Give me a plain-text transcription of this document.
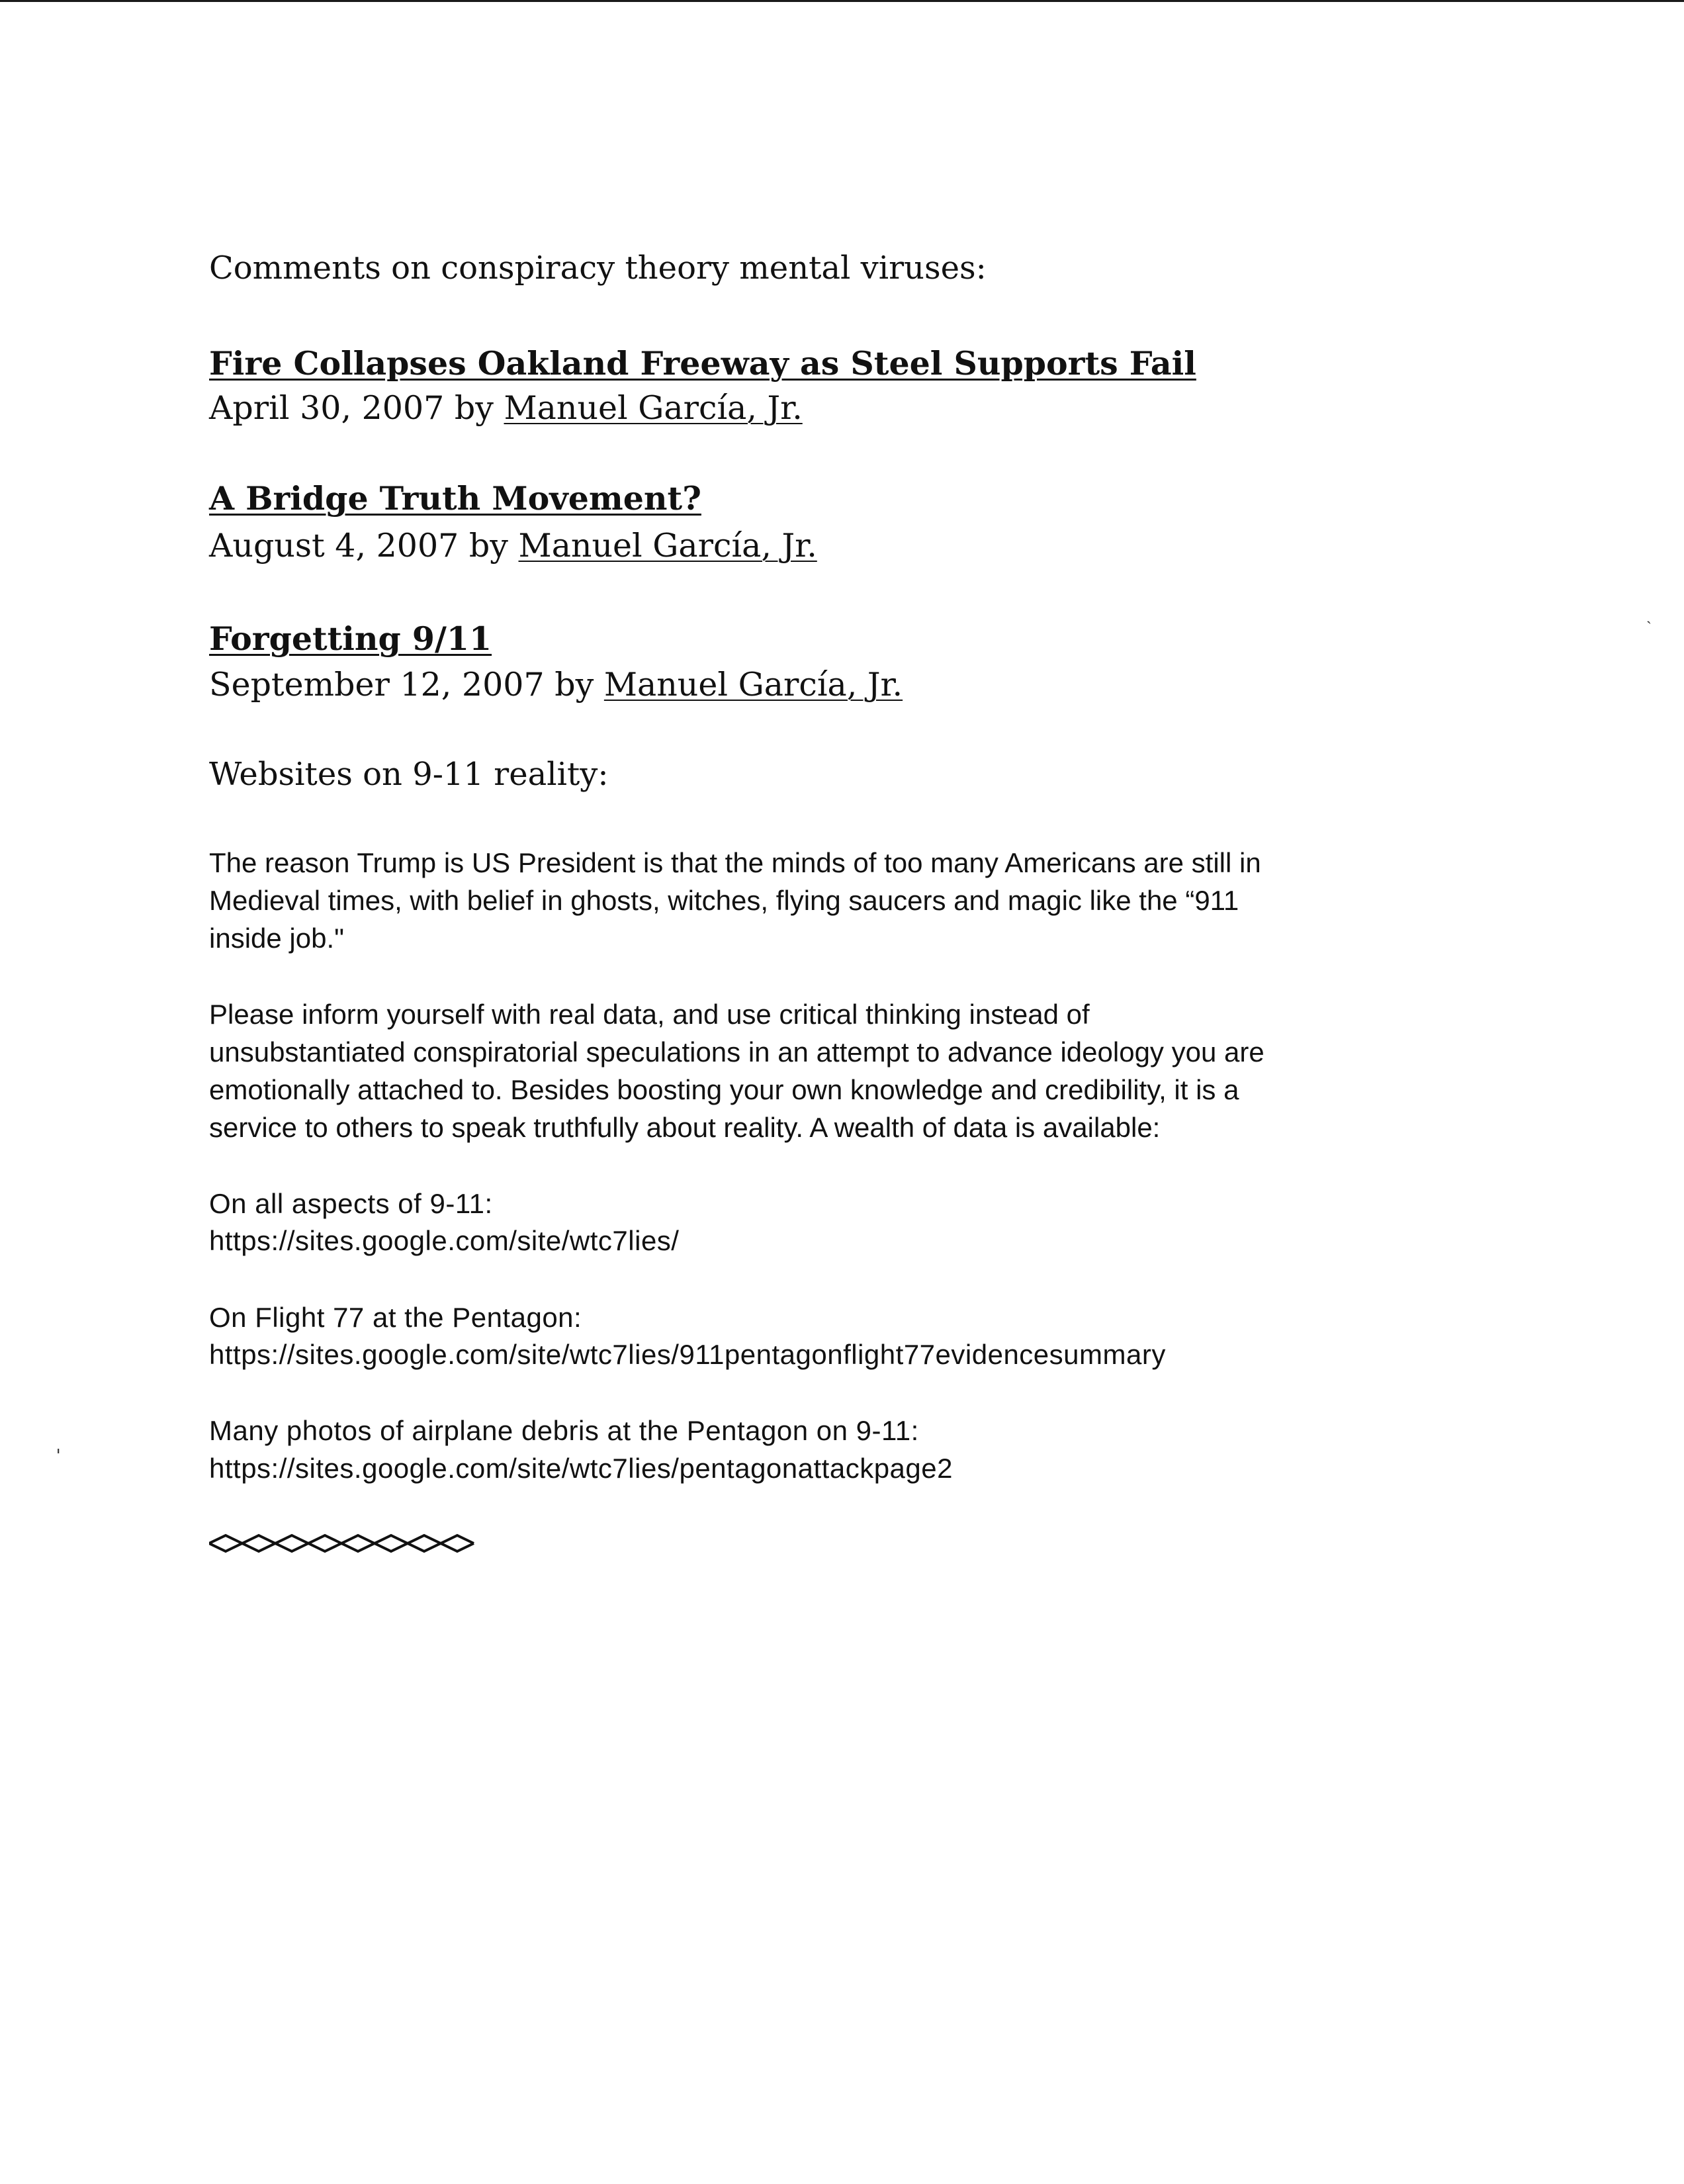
Comments on conspiracy theory mental viruses:
Fire Collapses Oakland Freeway as Steel Supports Fail
April 30, 2007 by Manuel García, Jr.
A Bridge Truth Movement?
August 4, 2007 by Manuel García, Jr.
Forgetting 9/11
September 12, 2007 by Manuel García, Jr.
Websites on 9-11 reality:
The reason Trump is US President is that the minds of too many Americans are still in
Medieval times, with belief in ghosts, witches, flying saucers and magic like the “911
inside job."
Please inform yourself with real data, and use critical thinking instead of
unsubstantiated conspiratorial speculations in an attempt to advance ideology you are
emotionally attached to. Besides boosting your own knowledge and credibility, it is a
service to others to speak truthfully about reality. A wealth of data is available:
On all aspects of 9-11:
https://sites.google.com/site/wtc7lies/
On Flight 77 at the Pentagon:
https://sites.google.com/site/wtc7lies/911pentagonflight77evidencesummary
Many photos of airplane debris at the Pentagon on 9-11:
https://sites.google.com/site/wtc7lies/pentagonattackpage2
ˈ
ˏ
